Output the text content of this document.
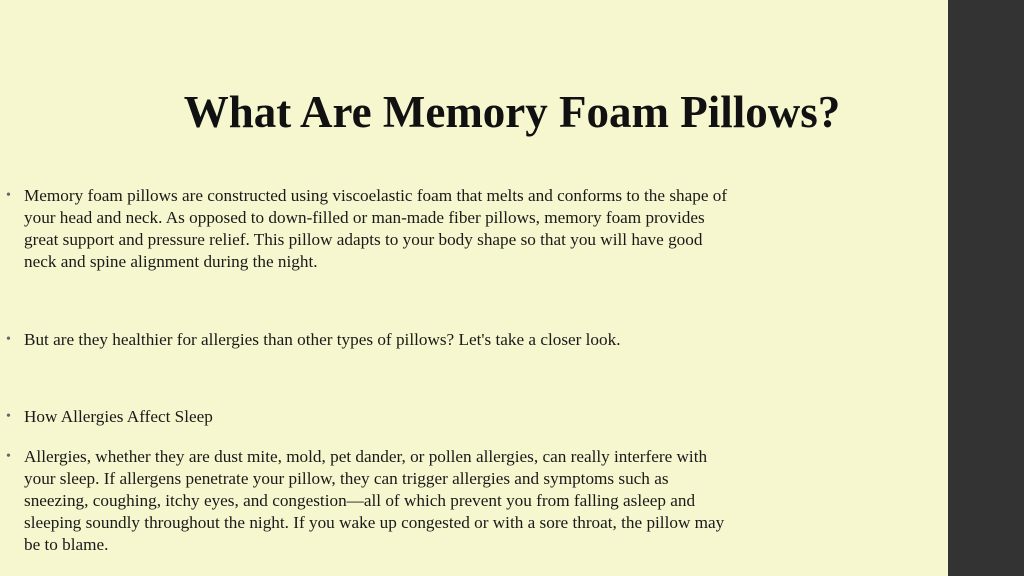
What Are Memory Foam Pillows?
• Memory foam pillows are constructed using viscoelastic foam that melts and conforms to the shape of

your head and neck. As opposed to down-filled or man-made fiber pillows, memory foam provides

great support and pressure relief. This pillow adapts to your body shape so that you will have good

neck and spine alignment during the night.

• But are they healthier for allergies than other types of pillows? Let's take a closer look.

• How Allergies Affect Sleep

• Allergies, whether they are dust mite, mold, pet dander, or pollen allergies, can really interfere with

your sleep. If allergens penetrate your pillow, they can trigger allergies and symptoms such as

sneezing, coughing, itchy eyes, and congestion—all of which prevent you from falling asleep and

sleeping soundly throughout the night. If you wake up congested or with a sore throat, the pillow may

be to blame.
